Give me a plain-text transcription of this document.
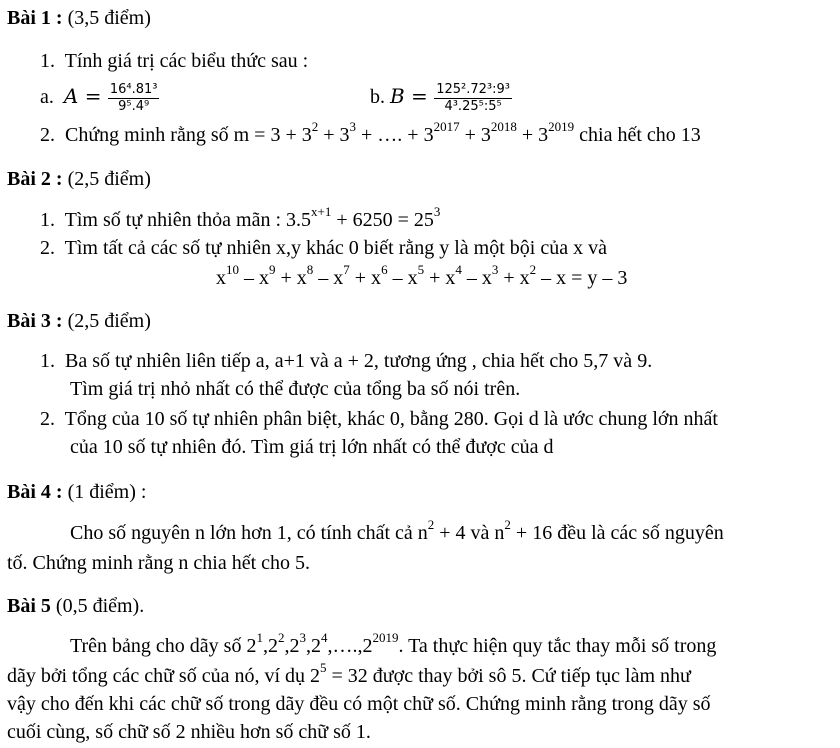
Bài 1 : (3,5 điểm)
1. Tính giá trị các biểu thức sau :
a. $A = \frac{\text{16⁴.81³}}{\text{9⁵.4⁹}}$	b. $B = \frac{\text{125².72³:9³}}{\text{4³.25⁵:5⁵}}$
2. Chứng minh rằng số $m = 3 + 3^2 + 3^3$ + …. + $3^{2017} + 3^{2018} + 3^{2019}$ chia hết cho 13
Bài 2 : (2,5 điểm)
1. Tìm số tự nhiên thỏa mãn : $3.5^{x+1} + 6250 = 25^3$
2. Tìm tất cả các số tự nhiên x,y khác 0 biết rằng y là một bội của x và
$x^{10} - x^9 + x^8 - x^7 + x^6 - x^5 + x^4 - x^3 + x^2 - x = y - 3$
Bài 3 : (2,5 điểm)
1. Ba số tự nhiên liên tiếp a, a+1 và a + 2, tương ứng , chia hết cho 5,7 và 9.
Tìm giá trị nhỏ nhất có thể được của tổng ba số nói trên.
2. Tổng của 10 số tự nhiên phân biệt, khác 0, bằng 280. Gọi d là ước chung lớn nhất
của 10 số tự nhiên đó. Tìm giá trị lớn nhất có thể được của d
Bài 4 : (1 điểm) :
Cho số nguyên n lớn hơn 1, có tính chất cả $n^2 + 4$ và $n^2 + 16$ đều là các số nguyên
tố. Chứng minh rằng n chia hết cho 5.
Bài 5 (0,5 điểm).
Trên bảng cho dãy số $2^1,2^2,2^3,2^4,\dots.,2^{2019}$. Ta thực hiện quy tắc thay mỗi số trong
dãy bởi tổng các chữ số của nó, ví dụ $2^5 = 32$ được thay bởi sô 5. Cứ tiếp tục làm như
vậy cho đến khi các chữ số trong dãy đều có một chữ số. Chứng minh rằng trong dãy số
cuối cùng, số chữ số 2 nhiều hơn số chữ số 1.
